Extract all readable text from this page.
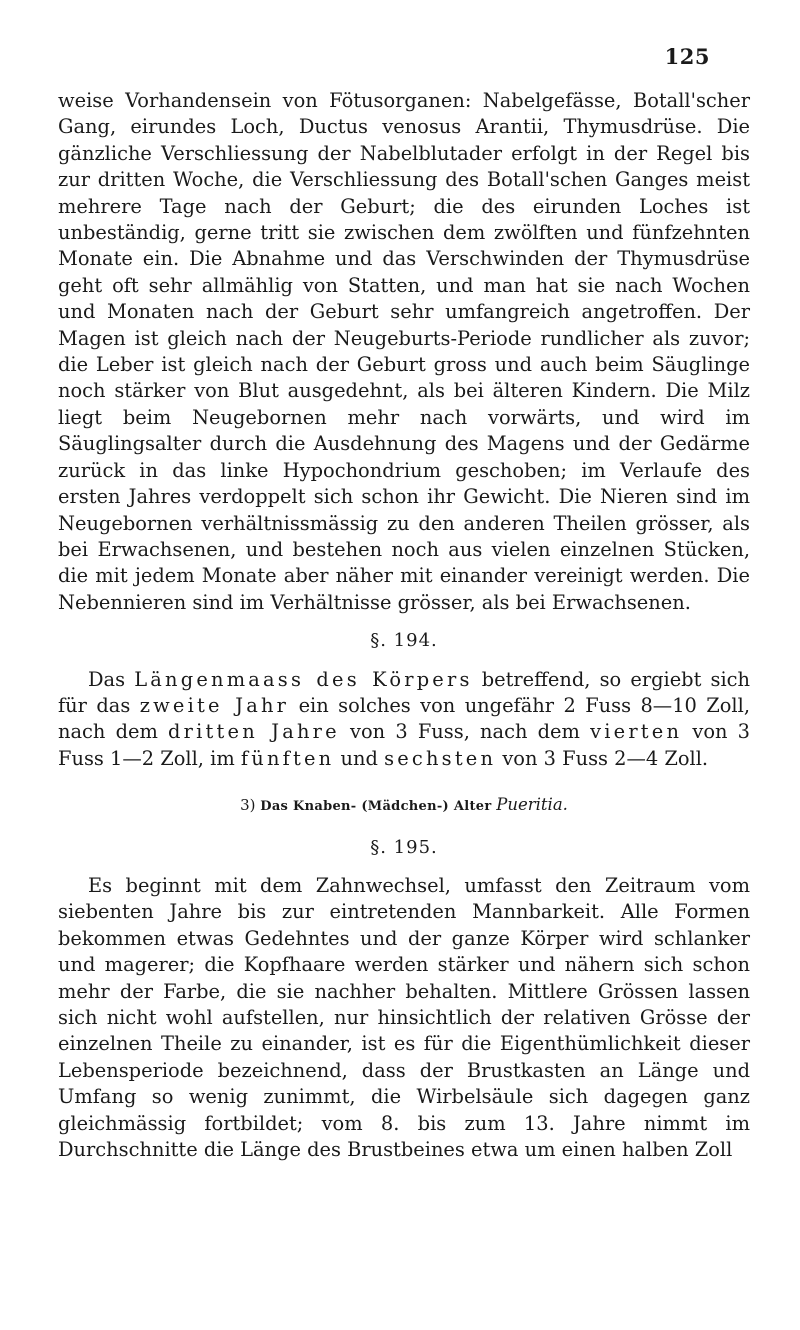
125

weise Vorhandensein von Fötusorganen: Nabelgefässe, Botall'scher Gang, eirundes Loch, Ductus venosus Arantii, Thymusdrüse. Die gänzliche Verschliessung der Nabelblutader erfolgt in der Regel bis zur dritten Woche, die Verschliessung des Botall'schen Ganges meist mehrere Tage nach der Geburt; die des eirunden Loches ist unbeständig, gerne tritt sie zwischen dem zwölften und fünfzehnten Monate ein. Die Abnahme und das Verschwinden der Thymusdrüse geht oft sehr allmählig von Statten, und man hat sie nach Wochen und Monaten nach der Geburt sehr umfangreich angetroffen. Der Magen ist gleich nach der Neugeburts-Periode rundlicher als zuvor; die Leber ist gleich nach der Geburt gross und auch beim Säuglinge noch stärker von Blut ausgedehnt, als bei älteren Kindern. Die Milz liegt beim Neugebornen mehr nach vorwärts, und wird im Säuglingsalter durch die Ausdehnung des Magens und der Gedärme zurück in das linke Hypochondrium geschoben; im Verlaufe des ersten Jahres verdoppelt sich schon ihr Gewicht. Die Nieren sind im Neugebornen verhältnissmässig zu den anderen Theilen grösser, als bei Erwachsenen, und bestehen noch aus vielen einzelnen Stücken, die mit jedem Monate aber näher mit einander vereinigt werden. Die Nebennieren sind im Verhältnisse grösser, als bei Erwachsenen.

§. 194.

Das Längenmaass des Körpers betreffend, so ergiebt sich für das zweite Jahr ein solches von ungefähr 2 Fuss 8—10 Zoll, nach dem dritten Jahre von 3 Fuss, nach dem vierten von 3 Fuss 1—2 Zoll, im fünften und sechsten von 3 Fuss 2—4 Zoll.

3) Das Knaben- (Mädchen-) Alter Pueritia.

§. 195.

Es beginnt mit dem Zahnwechsel, umfasst den Zeitraum vom siebenten Jahre bis zur eintretenden Mannbarkeit. Alle Formen bekommen etwas Gedehntes und der ganze Körper wird schlanker und magerer; die Kopfhaare werden stärker und nähern sich schon mehr der Farbe, die sie nachher behalten. Mittlere Grössen lassen sich nicht wohl aufstellen, nur hinsichtlich der relativen Grösse der einzelnen Theile zu einander, ist es für die Eigenthümlichkeit dieser Lebensperiode bezeichnend, dass der Brustkasten an Länge und Umfang so wenig zunimmt, die Wirbelsäule sich dagegen ganz gleichmässig fortbildet; vom 8. bis zum 13. Jahre nimmt im Durchschnitte die Länge des Brustbeines etwa um einen halben Zoll
